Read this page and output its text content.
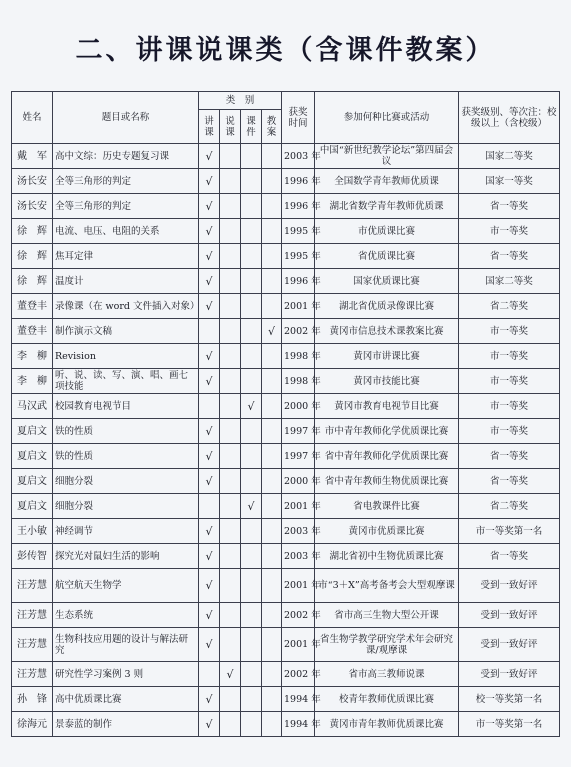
二、讲课说课类（含课件教案）
姓名	题目或名称	类　别				获奖时间	参加何种比赛或活动	获奖级别、等次注：校级以上（含校级）
		讲课	说课	课件	教案			
戴　军	高中文综：历史专题复习课	√				2003 年	中国“新世纪教学论坛”第四届会议	国家二等奖
汤长安	全等三角形的判定	√				1996 年	全国数学青年教师优质课	国家一等奖
汤长安	全等三角形的判定	√				1996 年	湖北省数学青年教师优质课	省一等奖
徐　辉	电流、电压、电阻的关系	√				1995 年	市优质课比赛	市一等奖
徐　辉	焦耳定律	√				1995 年	省优质课比赛	省一等奖
徐　辉	温度计	√				1996 年	国家优质课比赛	国家二等奖
董登丰	录像课（在 word 文件插入对象）	√				2001 年	湖北省优质录像课比赛	省二等奖
董登丰	制作演示文稿				√	2002 年	黄冈市信息技术课教案比赛	市一等奖
李　柳	Revision	√				1998 年	黄冈市讲课比赛	市一等奖
李　柳	听、说、读、写、演、唱、画七项技能	√				1998 年	黄冈市技能比赛	市一等奖
马汉武	校园教育电视节目			√		2000 年	黄冈市教育电视节目比赛	市一等奖
夏启文	铁的性质	√				1997 年	市中青年教师化学优质课比赛	市一等奖
夏启文	铁的性质	√				1997 年	省中青年教师化学优质课比赛	省一等奖
夏启文	细胞分裂	√				2000 年	省中青年教师生物优质课比赛	省一等奖
夏启文	细胞分裂			√		2001 年	省电教课件比赛	省二等奖
王小敏	神经调节	√				2003 年	黄冈市优质课比赛	市一等奖第一名
彭传智	探究光对鼠妇生活的影响	√				2003 年	湖北省初中生物优质课比赛	省一等奖
汪芳慧	航空航天生物学	√				2001 年	市“3＋X”高考备考会大型观摩课	受到一致好评
汪芳慧	生态系统	√				2002 年	省市高三生物大型公开课	受到一致好评
汪芳慧	生物科技应用题的设计与解法研究	√				2001 年	省生物学教学研究学术年会研究课/观摩课	受到一致好评
汪芳慧	研究性学习案例 3 则		√			2002 年	省市高三教师说课	受到一致好评
孙　锋	高中优质课比赛	√				1994 年	校青年教师优质课比赛	校一等奖第一名
徐海元	景泰蓝的制作	√				1994 年	黄冈市青年教师优质课比赛	市一等奖第一名
